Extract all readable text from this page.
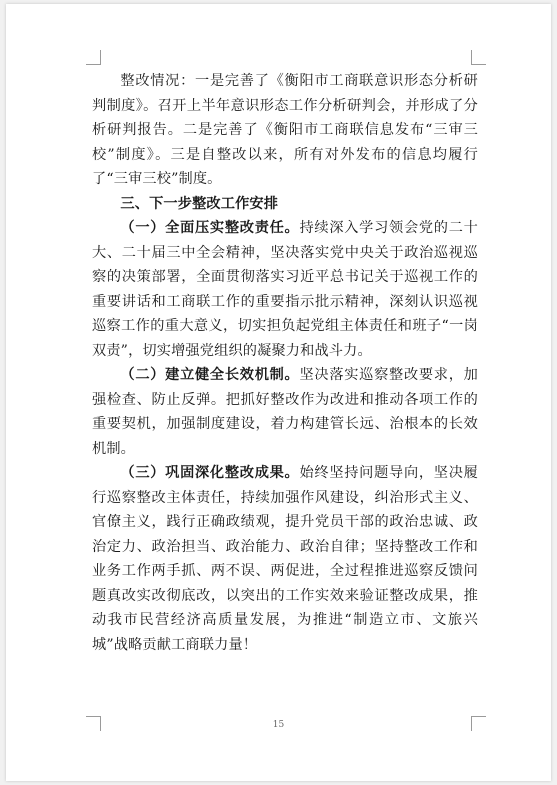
整改情况：一是完善了《衡阳市工商联意识形态分析研判制度》。召开上半年意识形态工作分析研判会，并形成了分析研判报告。二是完善了《衡阳市工商联信息发布“三审三校”制度》。三是自整改以来，所有对外发布的信息均履行了“三审三校”制度。

三、下一步整改工作安排

（一）全面压实整改责任。持续深入学习领会党的二十大、二十届三中全会精神，坚决落实党中央关于政治巡视巡察的决策部署，全面贯彻落实习近平总书记关于巡视工作的重要讲话和工商联工作的重要指示批示精神，深刻认识巡视巡察工作的重大意义，切实担负起党组主体责任和班子“一岗双责”，切实增强党组织的凝聚力和战斗力。

（二）建立健全长效机制。坚决落实巡察整改要求，加强检查、防止反弹。把抓好整改作为改进和推动各项工作的重要契机，加强制度建设，着力构建管长远、治根本的长效机制。

（三）巩固深化整改成果。始终坚持问题导向，坚决履行巡察整改主体责任，持续加强作风建设，纠治形式主义、官僚主义，践行正确政绩观，提升党员干部的政治忠诚、政治定力、政治担当、政治能力、政治自律；坚持整改工作和业务工作两手抓、两不误、两促进，全过程推进巡察反馈问题真改实改彻底改，以突出的工作实效来验证整改成果，推动我市民营经济高质量发展，为推进“制造立市、文旅兴城”战略贡献工商联力量！

15
